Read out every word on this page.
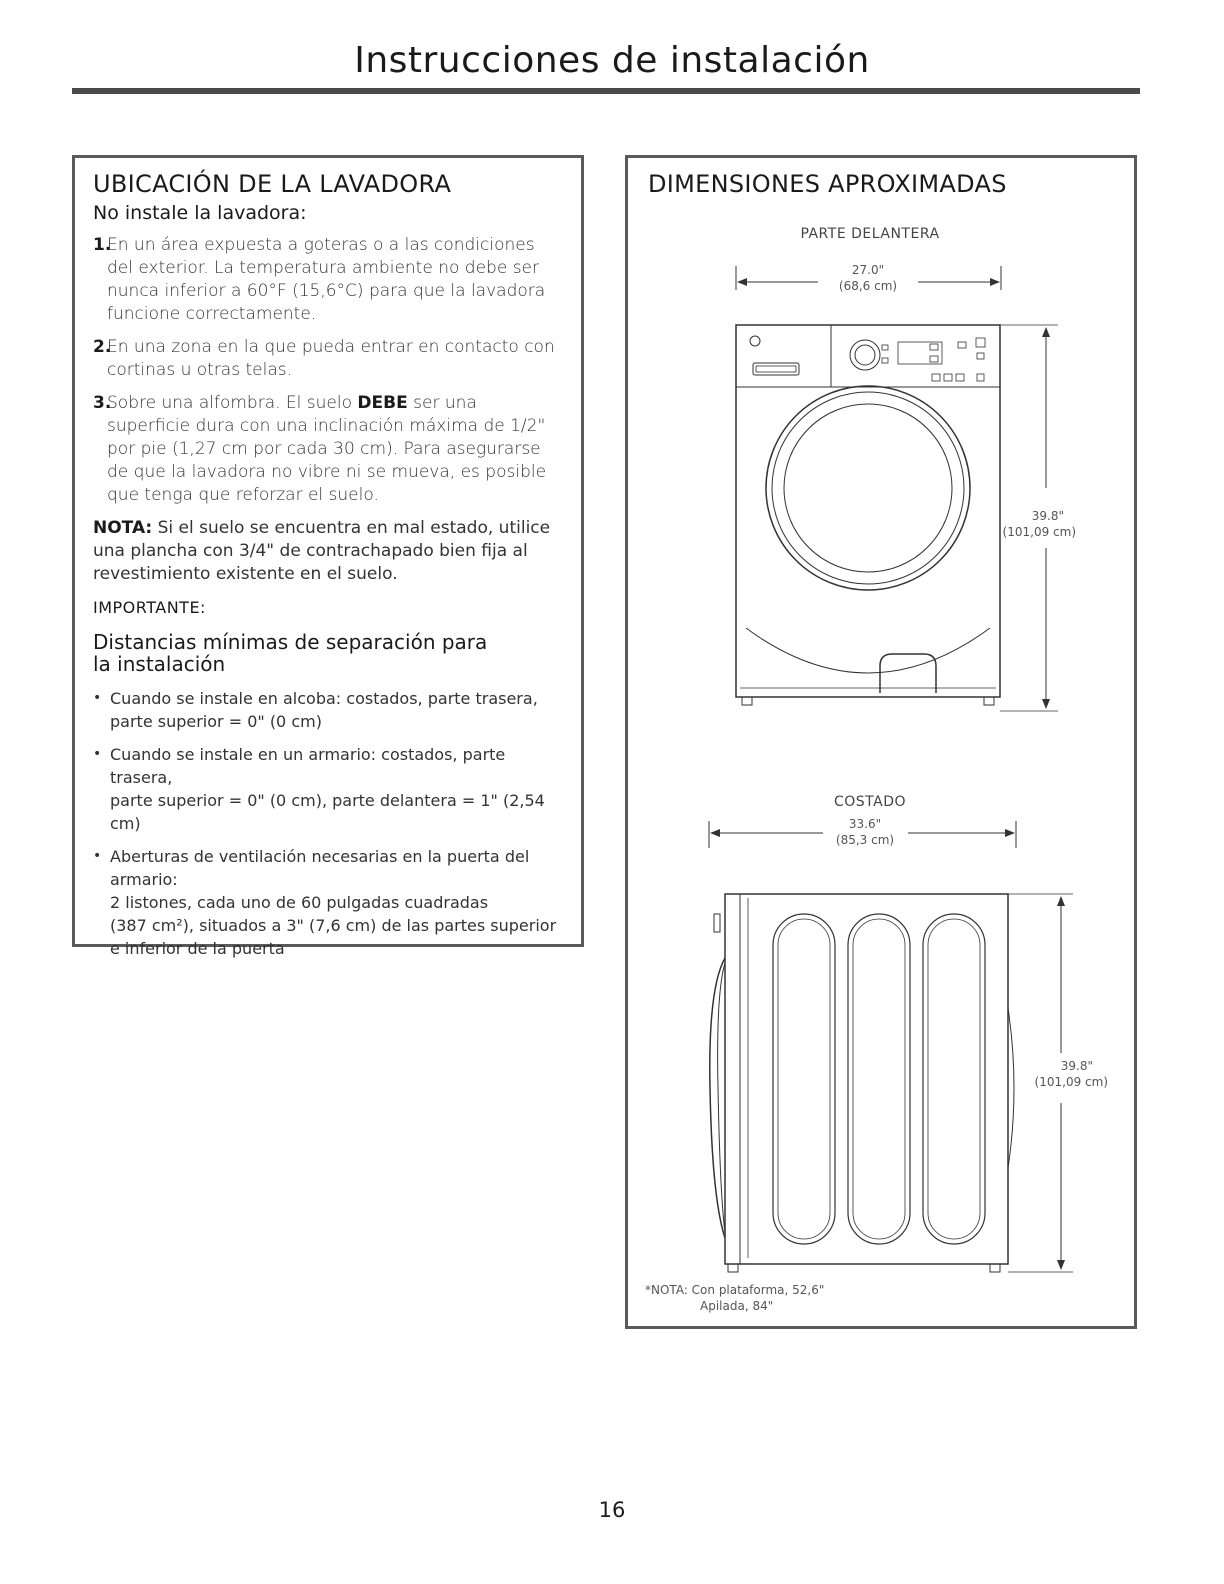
Instrucciones de instalación
UBICACIÓN DE LA LAVADORA
No instale la lavadora:
1.
En un área expuesta a goteras o a las condiciones del exterior. La temperatura ambiente no debe ser nunca inferior a 60°F (15,6°C) para que la lavadora funcione correctamente.
2.
En una zona en la que pueda entrar en contacto con cortinas u otras telas.
3.
Sobre una alfombra. El suelo DEBE ser una superficie dura con una inclinación máxima de 1/2" por pie (1,27 cm por cada 30 cm). Para asegurarse de que la lavadora no vibre ni se mueva, es posible que tenga que reforzar el suelo.

NOTA: Si el suelo se encuentra en mal estado, utilice una plancha con 3/4" de contrachapado bien fija al revestimiento existente en el suelo.

IMPORTANTE:
Distancias mínimas de separación para
la instalación
• Cuando se instale en alcoba: costados, parte trasera,
parte superior = 0" (0 cm)
• Cuando se instale en un armario: costados, parte trasera,
parte superior = 0" (0 cm), parte delantera = 1" (2,54 cm)
• Aberturas de ventilación necesarias en la puerta del
armario:
2 listones, cada uno de 60 pulgadas cuadradas
(387 cm²), situados a 3" (7,6 cm) de las partes superior
e inferior de la puerta
DIMENSIONES APROXIMADAS
PARTE DELANTERA
27.0"
(68,6 cm)
39.8"
(101,09 cm)
COSTADO
33.6"
(85,3 cm)
39.8"
(101,09 cm)
*NOTA: Con plataforma, 52,6"
Apilada, 84"
16
